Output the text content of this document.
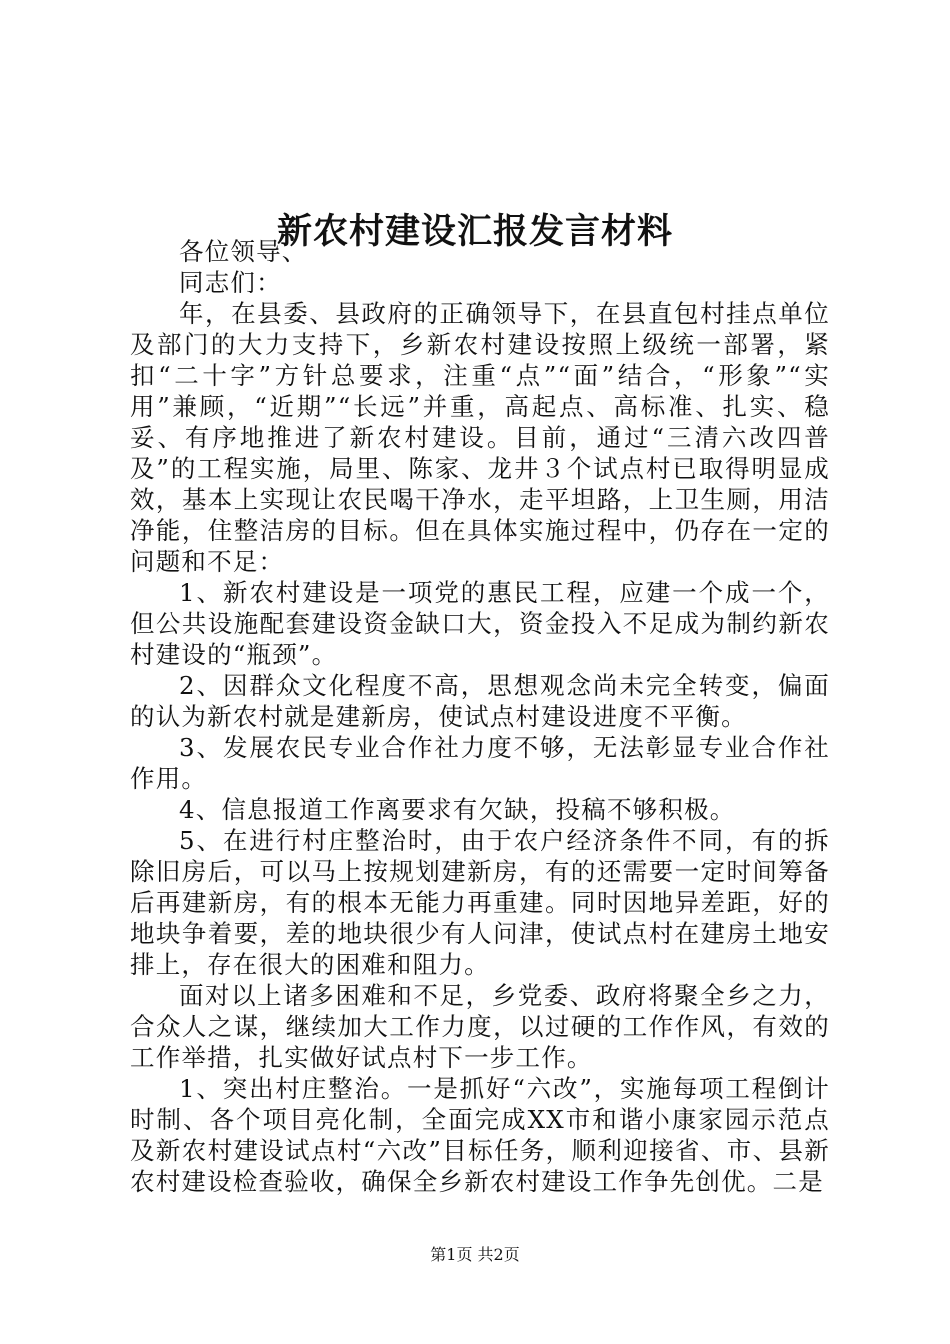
新农村建设汇报发言材料

各位领导、

同志们：

年，在县委、县政府的正确领导下，在县直包村挂点单位及部门的大力支持下，乡新农村建设按照上级统一部署，紧扣“二十字”方针总要求，注重“点”“面”结合，“形象”“实用”兼顾，“近期”“长远”并重，高起点、高标准、扎实、稳妥、有序地推进了新农村建设。目前，通过“三清六改四普及”的工程实施，局里、陈家、龙井３个试点村已取得明显成效，基本上实现让农民喝干净水，走平坦路，上卫生厕，用洁净能，住整洁房的目标。但在具体实施过程中，仍存在一定的问题和不足：

1、新农村建设是一项党的惠民工程，应建一个成一个，但公共设施配套建设资金缺口大，资金投入不足成为制约新农村建设的“瓶颈”。

2、因群众文化程度不高，思想观念尚未完全转变，偏面的认为新农村就是建新房，使试点村建设进度不平衡。

3、发展农民专业合作社力度不够，无法彰显专业合作社作用。

4、信息报道工作离要求有欠缺，投稿不够积极。

5、在进行村庄整治时，由于农户经济条件不同，有的拆除旧房后，可以马上按规划建新房，有的还需要一定时间筹备后再建新房，有的根本无能力再重建。同时因地异差距，好的地块争着要，差的地块很少有人问津，使试点村在建房土地安排上，存在很大的困难和阻力。

面对以上诸多困难和不足，乡党委、政府将聚全乡之力，合众人之谋，继续加大工作力度，以过硬的工作作风，有效的工作举措，扎实做好试点村下一步工作。

1、突出村庄整治。一是抓好“六改”，实施每项工程倒计时制、各个项目亮化制，全面完成XX市和谐小康家园示范点及新农村建设试点村“六改”目标任务，顺利迎接省、市、县新农村建设检查验收，确保全乡新农村建设工作争先创优。二是

第1页 共2页
